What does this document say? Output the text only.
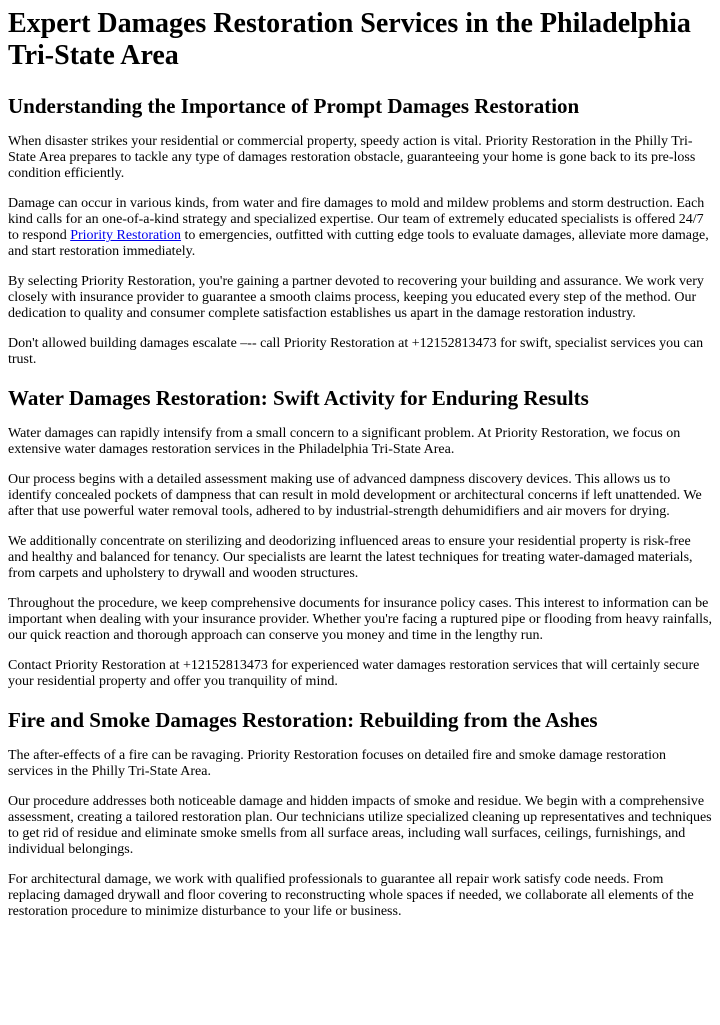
Expert Damages Restoration Services in the Philadelphia Tri-State Area
Understanding the Importance of Prompt Damages Restoration

When disaster strikes your residential or commercial property, speedy action is vital. Priority Restoration in the Philly Tri-State Area prepares to tackle any type of damages restoration obstacle, guaranteeing your home is gone back to its pre-loss condition efficiently.

Damage can occur in various kinds, from water and fire damages to mold and mildew problems and storm destruction. Each kind calls for an one-of-a-kind strategy and specialized expertise. Our team of extremely educated specialists is offered 24/7 to respond Priority Restoration to emergencies, outfitted with cutting edge tools to evaluate damages, alleviate more damage, and start restoration immediately.

By selecting Priority Restoration, you're gaining a partner devoted to recovering your building and assurance. We work very closely with insurance provider to guarantee a smooth claims process, keeping you educated every step of the method. Our dedication to quality and consumer complete satisfaction establishes us apart in the damage restoration industry.

Don't allowed building damages escalate –-- call Priority Restoration at +12152813473 for swift, specialist services you can trust.

Water Damages Restoration: Swift Activity for Enduring Results

Water damages can rapidly intensify from a small concern to a significant problem. At Priority Restoration, we focus on extensive water damages restoration services in the Philadelphia Tri-State Area.

Our process begins with a detailed assessment making use of advanced dampness discovery devices. This allows us to identify concealed pockets of dampness that can result in mold development or architectural concerns if left unattended. We after that use powerful water removal tools, adhered to by industrial-strength dehumidifiers and air movers for drying.

We additionally concentrate on sterilizing and deodorizing influenced areas to ensure your residential property is risk-free and healthy and balanced for tenancy. Our specialists are learnt the latest techniques for treating water-damaged materials, from carpets and upholstery to drywall and wooden structures.

Throughout the procedure, we keep comprehensive documents for insurance policy cases. This interest to information can be important when dealing with your insurance provider. Whether you're facing a ruptured pipe or flooding from heavy rainfalls, our quick reaction and thorough approach can conserve you money and time in the lengthy run.

Contact Priority Restoration at +12152813473 for experienced water damages restoration services that will certainly secure your residential property and offer you tranquility of mind.

Fire and Smoke Damages Restoration: Rebuilding from the Ashes

The after-effects of a fire can be ravaging. Priority Restoration focuses on detailed fire and smoke damage restoration services in the Philly Tri-State Area.

Our procedure addresses both noticeable damage and hidden impacts of smoke and residue. We begin with a comprehensive assessment, creating a tailored restoration plan. Our technicians utilize specialized cleaning up representatives and techniques to get rid of residue and eliminate smoke smells from all surface areas, including wall surfaces, ceilings, furnishings, and individual belongings.

For architectural damage, we work with qualified professionals to guarantee all repair work satisfy code needs. From replacing damaged drywall and floor covering to reconstructing whole spaces if needed, we collaborate all elements of the restoration procedure to minimize disturbance to your life or business.
